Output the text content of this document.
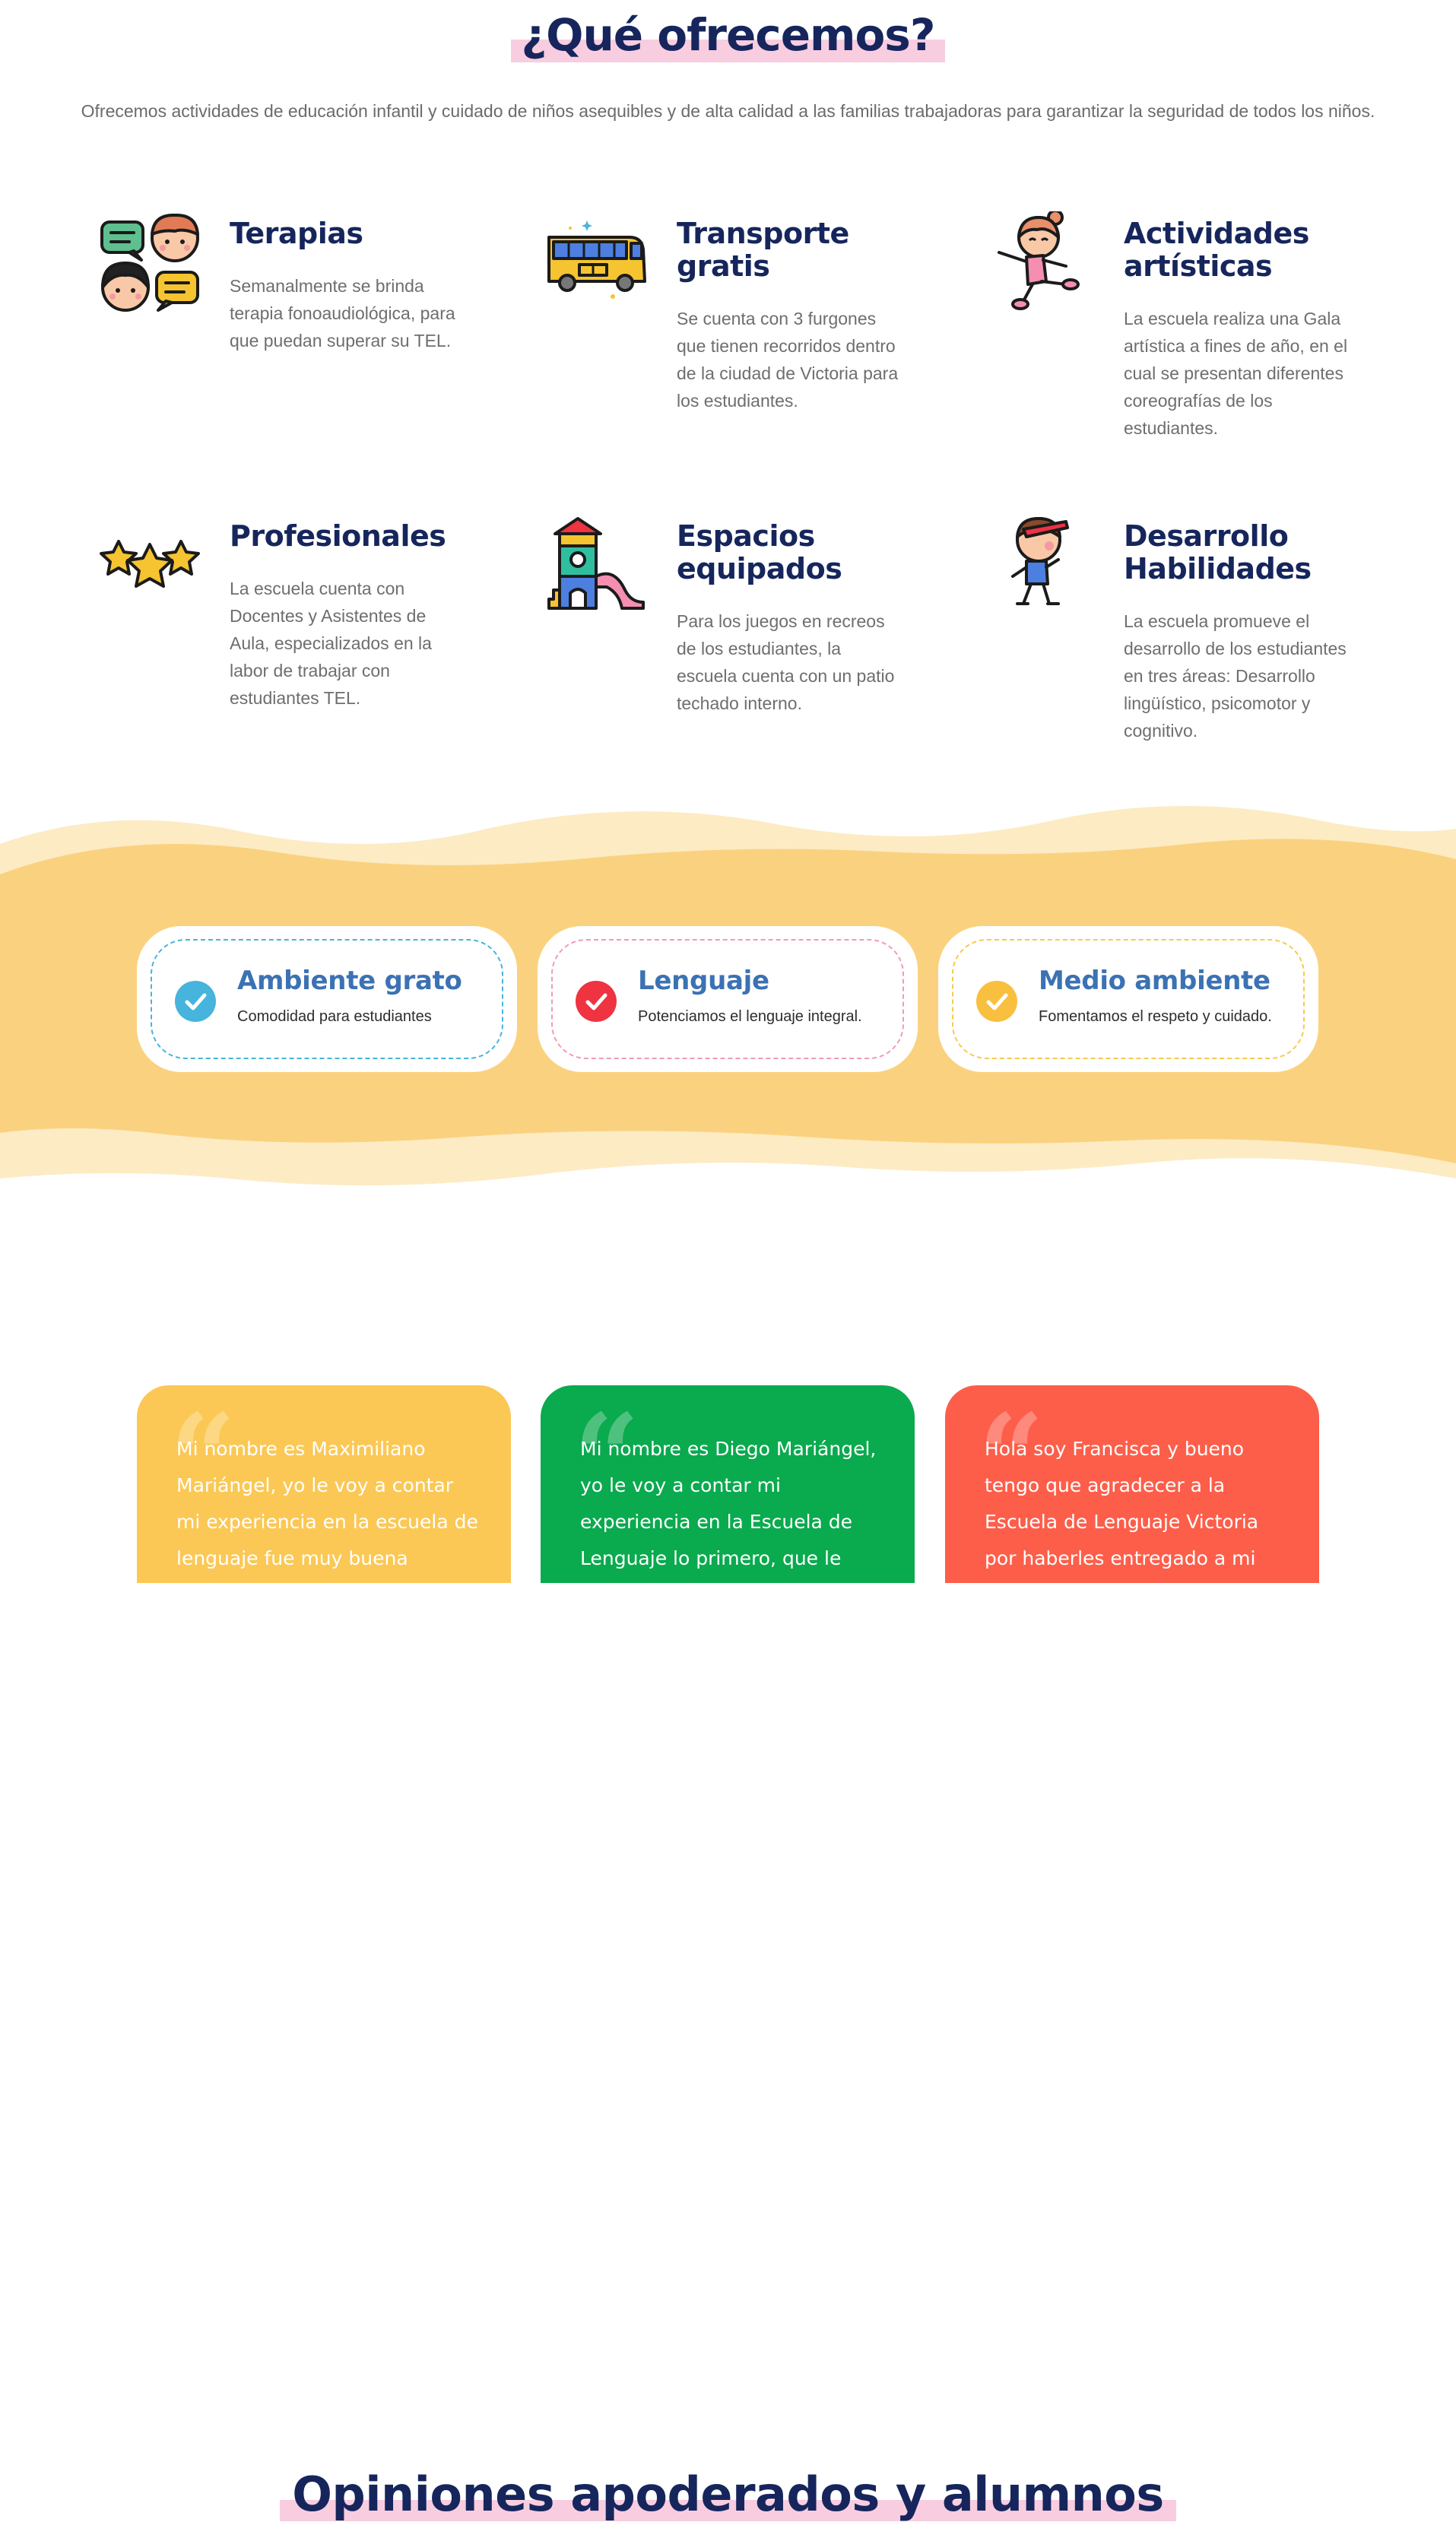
¿Qué ofrecemos?

Ofrecemos actividades de educación infantil y cuidado de niños asequibles y de alta calidad a las familias trabajadoras para garantizar la seguridad de todos los niños.

Terapias
Semanalmente se brinda terapia fonoaudiológica, para que puedan superar su TEL.
Transporte gratis
Se cuenta con 3 furgones que tienen recorridos dentro de la ciudad de Victoria para los estudiantes.
Actividades artísticas
La escuela realiza una Gala artística a fines de año, en el cual se presentan diferentes coreografías de los estudiantes.
Profesionales
La escuela cuenta con Docentes y Asistentes de Aula, especializados en la labor de trabajar con estudiantes TEL.
Espacios equipados
Para los juegos en recreos de los estudiantes, la escuela cuenta con un patio techado interno.
Desarrollo Habilidades
La escuela promueve el desarrollo de los estudiantes en tres áreas: Desarrollo lingüístico, psicomotor y cognitivo.
Ambiente grato
Comodidad para estudiantes
Lenguaje
Potenciamos el lenguaje integral.
Medio ambiente
Fomentamos el respeto y cuidado.
Opiniones apoderados y alumnos
“
Mi nombre es Maximiliano Mariángel, yo le voy a contar mi experiencia en la escuela de lenguaje fue muy buena
“
Mi nombre es Diego Mariángel, yo le voy a contar mi experiencia en la Escuela de Lenguaje lo primero, que le
“
Hola soy Francisca y bueno tengo que agradecer a la Escuela de Lenguaje Victoria por haberles entregado a mi
